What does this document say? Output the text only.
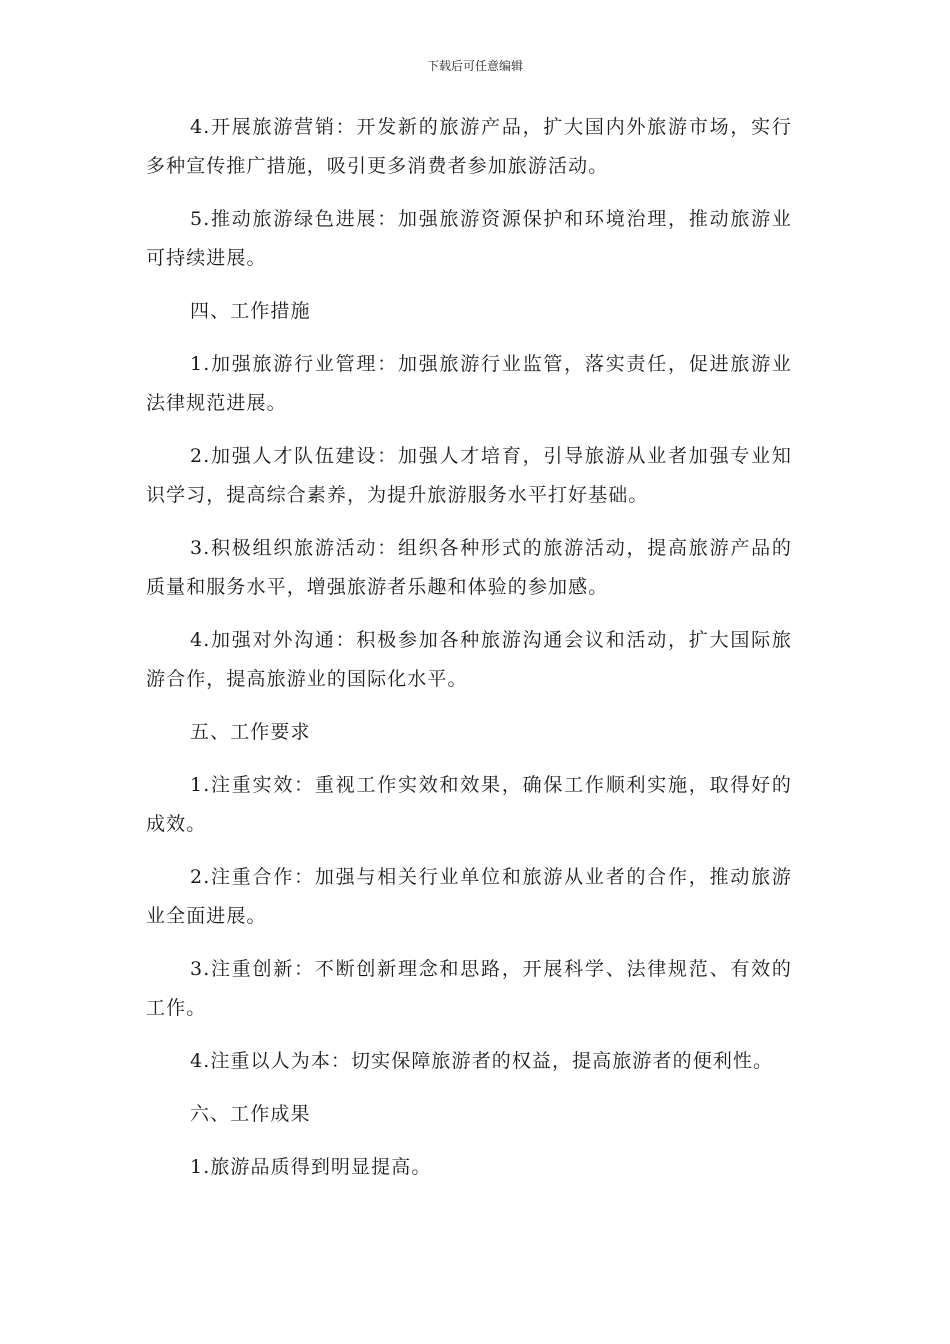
下载后可任意编辑

4.开展旅游营销：开发新的旅游产品，扩大国内外旅游市场，实行多种宣传推广措施，吸引更多消费者参加旅游活动。

5.推动旅游绿色进展：加强旅游资源保护和环境治理，推动旅游业可持续进展。

四、工作措施

1.加强旅游行业管理：加强旅游行业监管，落实责任，促进旅游业法律规范进展。

2.加强人才队伍建设：加强人才培育，引导旅游从业者加强专业知识学习，提高综合素养，为提升旅游服务水平打好基础。

3.积极组织旅游活动：组织各种形式的旅游活动，提高旅游产品的质量和服务水平，增强旅游者乐趣和体验的参加感。

4.加强对外沟通：积极参加各种旅游沟通会议和活动，扩大国际旅游合作，提高旅游业的国际化水平。

五、工作要求

1.注重实效：重视工作实效和效果，确保工作顺利实施，取得好的成效。

2.注重合作：加强与相关行业单位和旅游从业者的合作，推动旅游业全面进展。

3.注重创新：不断创新理念和思路，开展科学、法律规范、有效的工作。

4.注重以人为本：切实保障旅游者的权益，提高旅游者的便利性。

六、工作成果

1.旅游品质得到明显提高。
